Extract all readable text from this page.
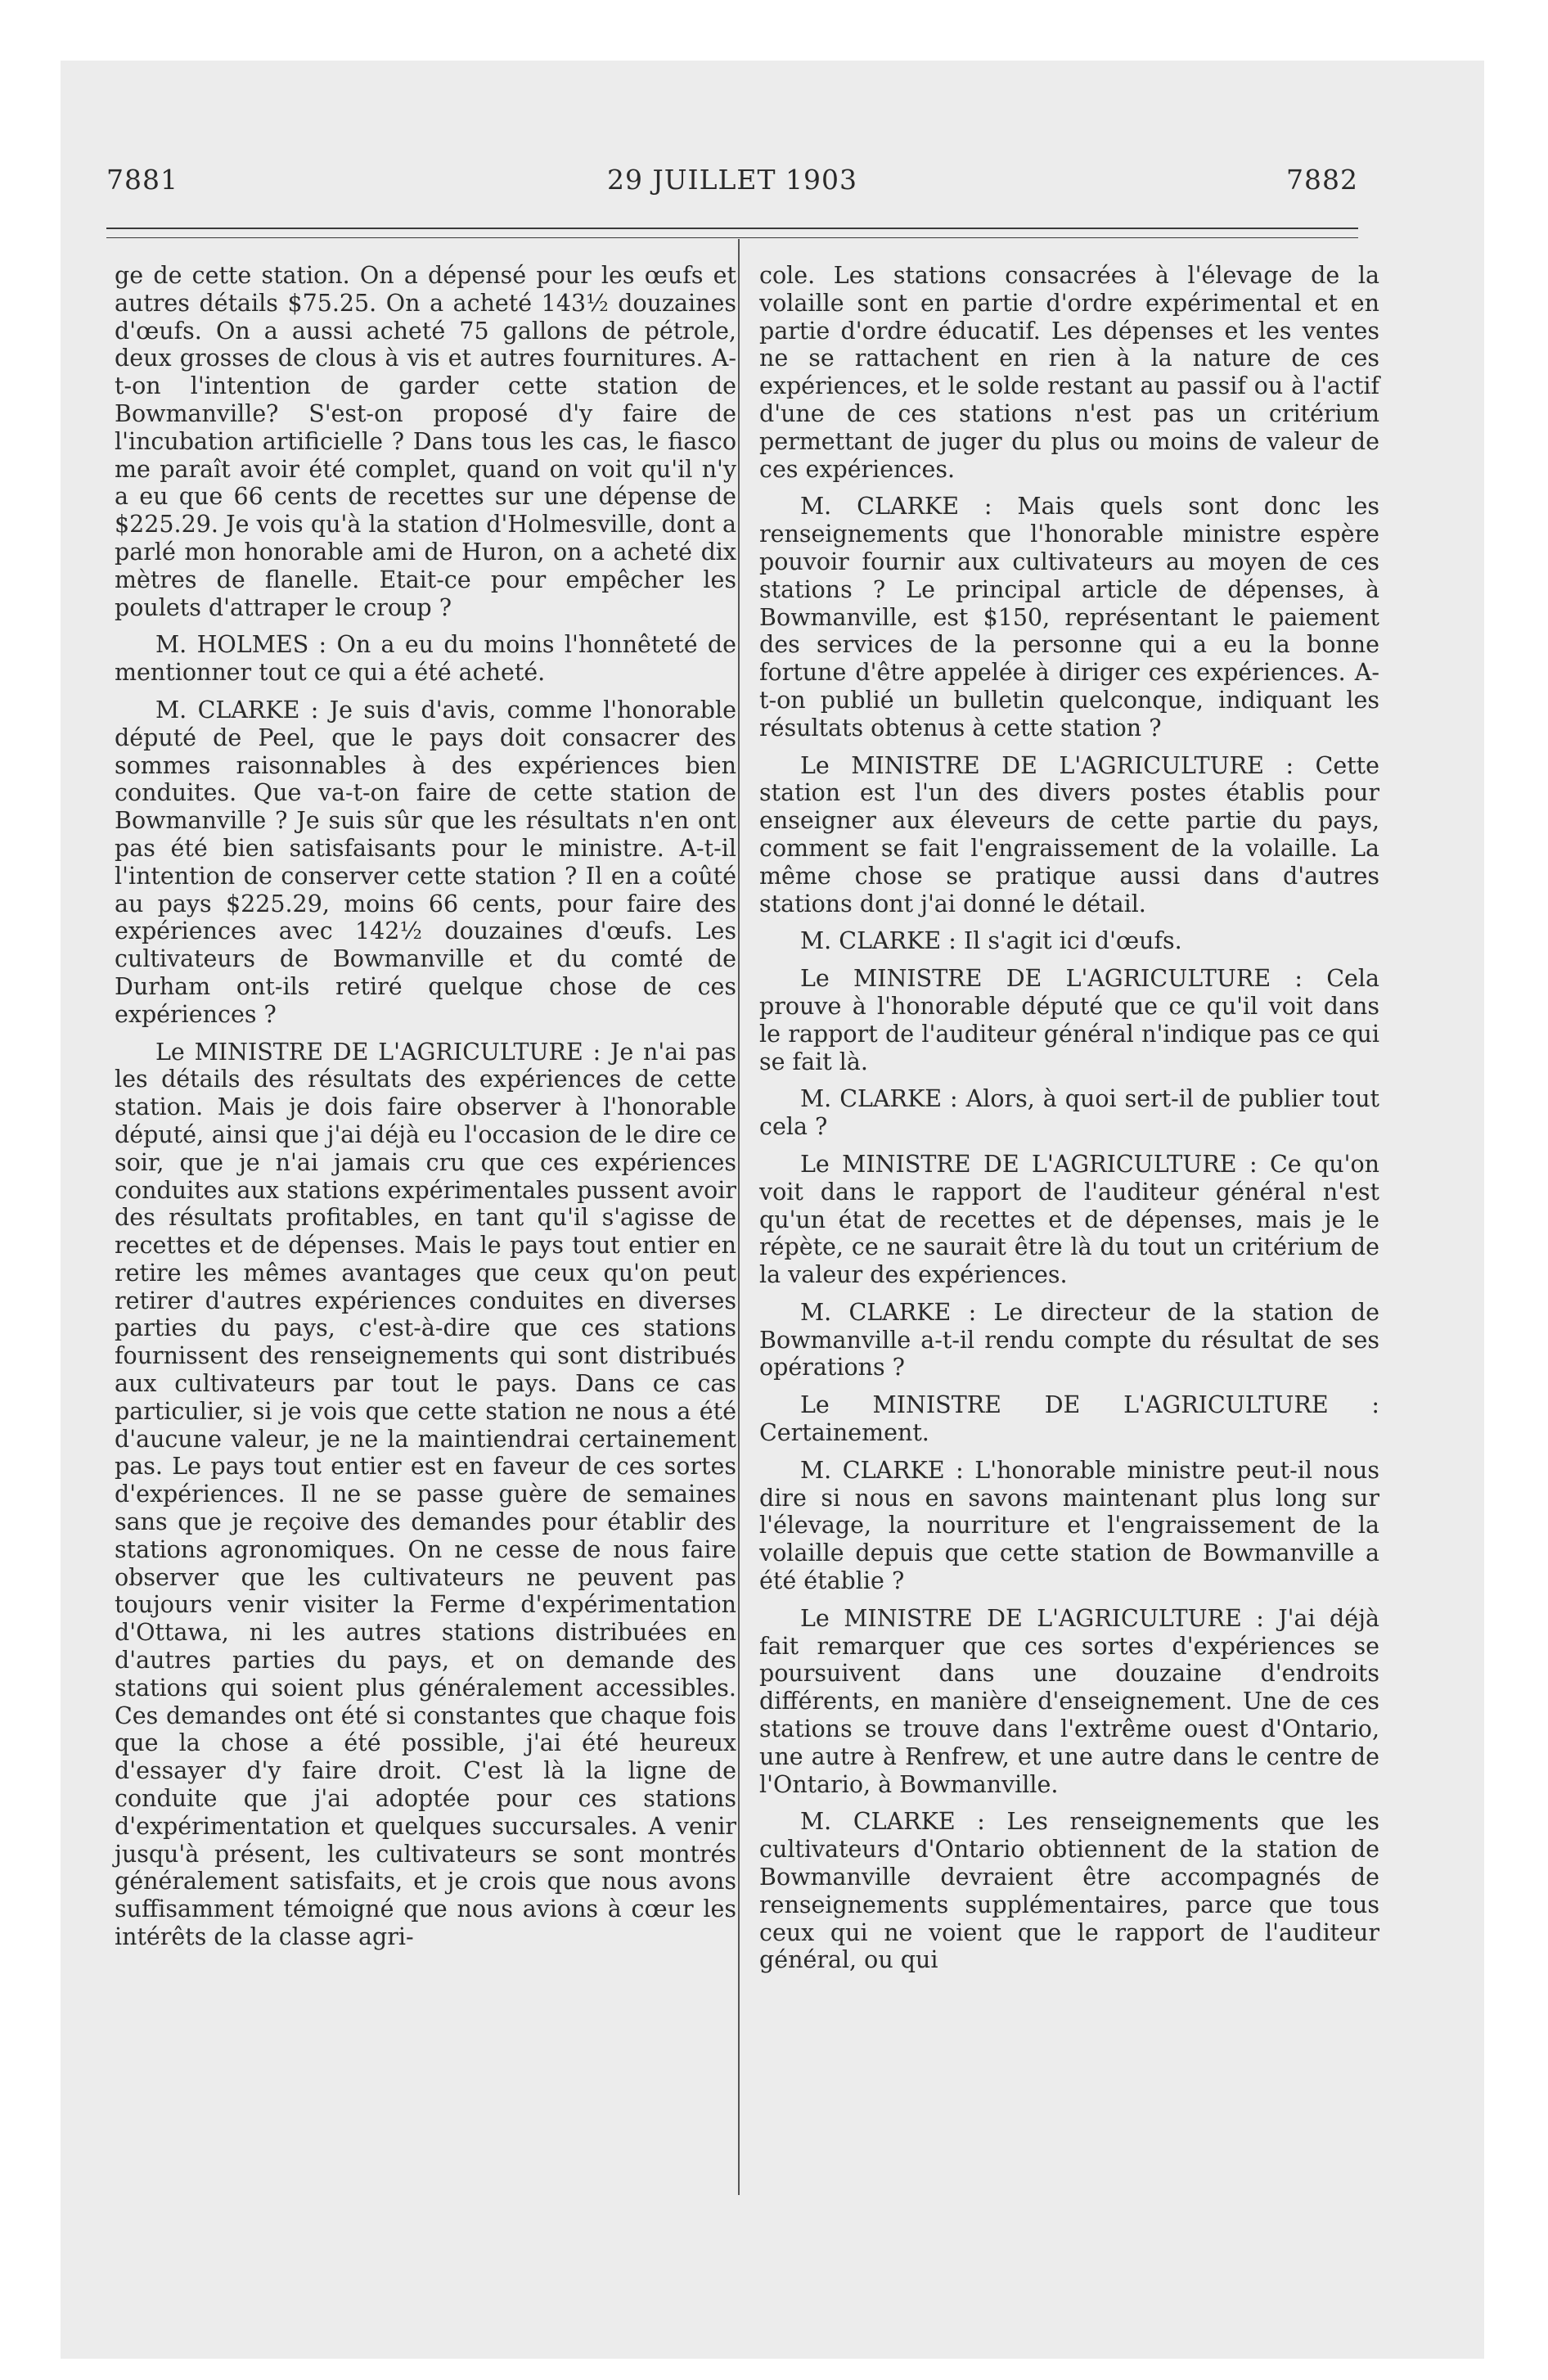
7881	29 JUILLET 1903	7882

ge de cette station. On a dépensé pour les œufs et autres détails $75.25. On a acheté 143½ douzaines d'œufs. On a aussi acheté 75 gallons de pétrole, deux grosses de clous à vis et autres fournitures. A-t-on l'intention de garder cette station de Bowmanville? S'est-on proposé d'y faire de l'incubation artificielle ? Dans tous les cas, le fiasco me paraît avoir été complet, quand on voit qu'il n'y a eu que 66 cents de recettes sur une dépense de $225.29. Je vois qu'à la station d'Holmesville, dont a parlé mon honorable ami de Huron, on a acheté dix mètres de flanelle. Etait-ce pour empêcher les poulets d'attraper le croup ?

M. HOLMES : On a eu du moins l'honnêteté de mentionner tout ce qui a été acheté.

M. CLARKE : Je suis d'avis, comme l'honorable député de Peel, que le pays doit consacrer des sommes raisonnables à des expériences bien conduites. Que va-t-on faire de cette station de Bowmanville ? Je suis sûr que les résultats n'en ont pas été bien satisfaisants pour le ministre. A-t-il l'intention de conserver cette station ? Il en a coûté au pays $225.29, moins 66 cents, pour faire des expériences avec 142½ douzaines d'œufs. Les cultivateurs de Bowmanville et du comté de Durham ont-ils retiré quelque chose de ces expériences ?

Le MINISTRE DE L'AGRICULTURE : Je n'ai pas les détails des résultats des expériences de cette station. Mais je dois faire observer à l'honorable député, ainsi que j'ai déjà eu l'occasion de le dire ce soir, que je n'ai jamais cru que ces expériences conduites aux stations expérimentales pussent avoir des résultats profitables, en tant qu'il s'agisse de recettes et de dépenses. Mais le pays tout entier en retire les mêmes avantages que ceux qu'on peut retirer d'autres expériences conduites en diverses parties du pays, c'est-à-dire que ces stations fournissent des renseignements qui sont distribués aux cultivateurs par tout le pays. Dans ce cas particulier, si je vois que cette station ne nous a été d'aucune valeur, je ne la maintiendrai certainement pas. Le pays tout entier est en faveur de ces sortes d'expériences. Il ne se passe guère de semaines sans que je reçoive des demandes pour établir des stations agronomiques. On ne cesse de nous faire observer que les cultivateurs ne peuvent pas toujours venir visiter la Ferme d'expérimentation d'Ottawa, ni les autres stations distribuées en d'autres parties du pays, et on demande des stations qui soient plus généralement accessibles. Ces demandes ont été si constantes que chaque fois que la chose a été possible, j'ai été heureux d'essayer d'y faire droit. C'est là la ligne de conduite que j'ai adoptée pour ces stations d'expérimentation et quelques succursales. A venir jusqu'à présent, les cultivateurs se sont montrés généralement satisfaits, et je crois que nous avons suffisamment témoigné que nous avions à cœur les intérêts de la classe agri-

cole. Les stations consacrées à l'élevage de la volaille sont en partie d'ordre expérimental et en partie d'ordre éducatif. Les dépenses et les ventes ne se rattachent en rien à la nature de ces expériences, et le solde restant au passif ou à l'actif d'une de ces stations n'est pas un critérium permettant de juger du plus ou moins de valeur de ces expériences.

M. CLARKE : Mais quels sont donc les renseignements que l'honorable ministre espère pouvoir fournir aux cultivateurs au moyen de ces stations ? Le principal article de dépenses, à Bowmanville, est $150, représentant le paiement des services de la personne qui a eu la bonne fortune d'être appelée à diriger ces expériences. A-t-on publié un bulletin quelconque, indiquant les résultats obtenus à cette station ?

Le MINISTRE DE L'AGRICULTURE : Cette station est l'un des divers postes établis pour enseigner aux éleveurs de cette partie du pays, comment se fait l'engraissement de la volaille. La même chose se pratique aussi dans d'autres stations dont j'ai donné le détail.

M. CLARKE : Il s'agit ici d'œufs.

Le MINISTRE DE L'AGRICULTURE : Cela prouve à l'honorable député que ce qu'il voit dans le rapport de l'auditeur général n'indique pas ce qui se fait là.

M. CLARKE : Alors, à quoi sert-il de publier tout cela ?

Le MINISTRE DE L'AGRICULTURE : Ce qu'on voit dans le rapport de l'auditeur général n'est qu'un état de recettes et de dépenses, mais je le répète, ce ne saurait être là du tout un critérium de la valeur des expériences.

M. CLARKE : Le directeur de la station de Bowmanville a-t-il rendu compte du résultat de ses opérations ?

Le MINISTRE DE L'AGRICULTURE : Certainement.

M. CLARKE : L'honorable ministre peut-il nous dire si nous en savons maintenant plus long sur l'élevage, la nourriture et l'engraissement de la volaille depuis que cette station de Bowmanville a été établie ?

Le MINISTRE DE L'AGRICULTURE : J'ai déjà fait remarquer que ces sortes d'expériences se poursuivent dans une douzaine d'endroits différents, en manière d'enseignement. Une de ces stations se trouve dans l'extrême ouest d'Ontario, une autre à Renfrew, et une autre dans le centre de l'Ontario, à Bowmanville.

M. CLARKE : Les renseignements que les cultivateurs d'Ontario obtiennent de la station de Bowmanville devraient être accompagnés de renseignements supplémentaires, parce que tous ceux qui ne voient que le rapport de l'auditeur général, ou qui
